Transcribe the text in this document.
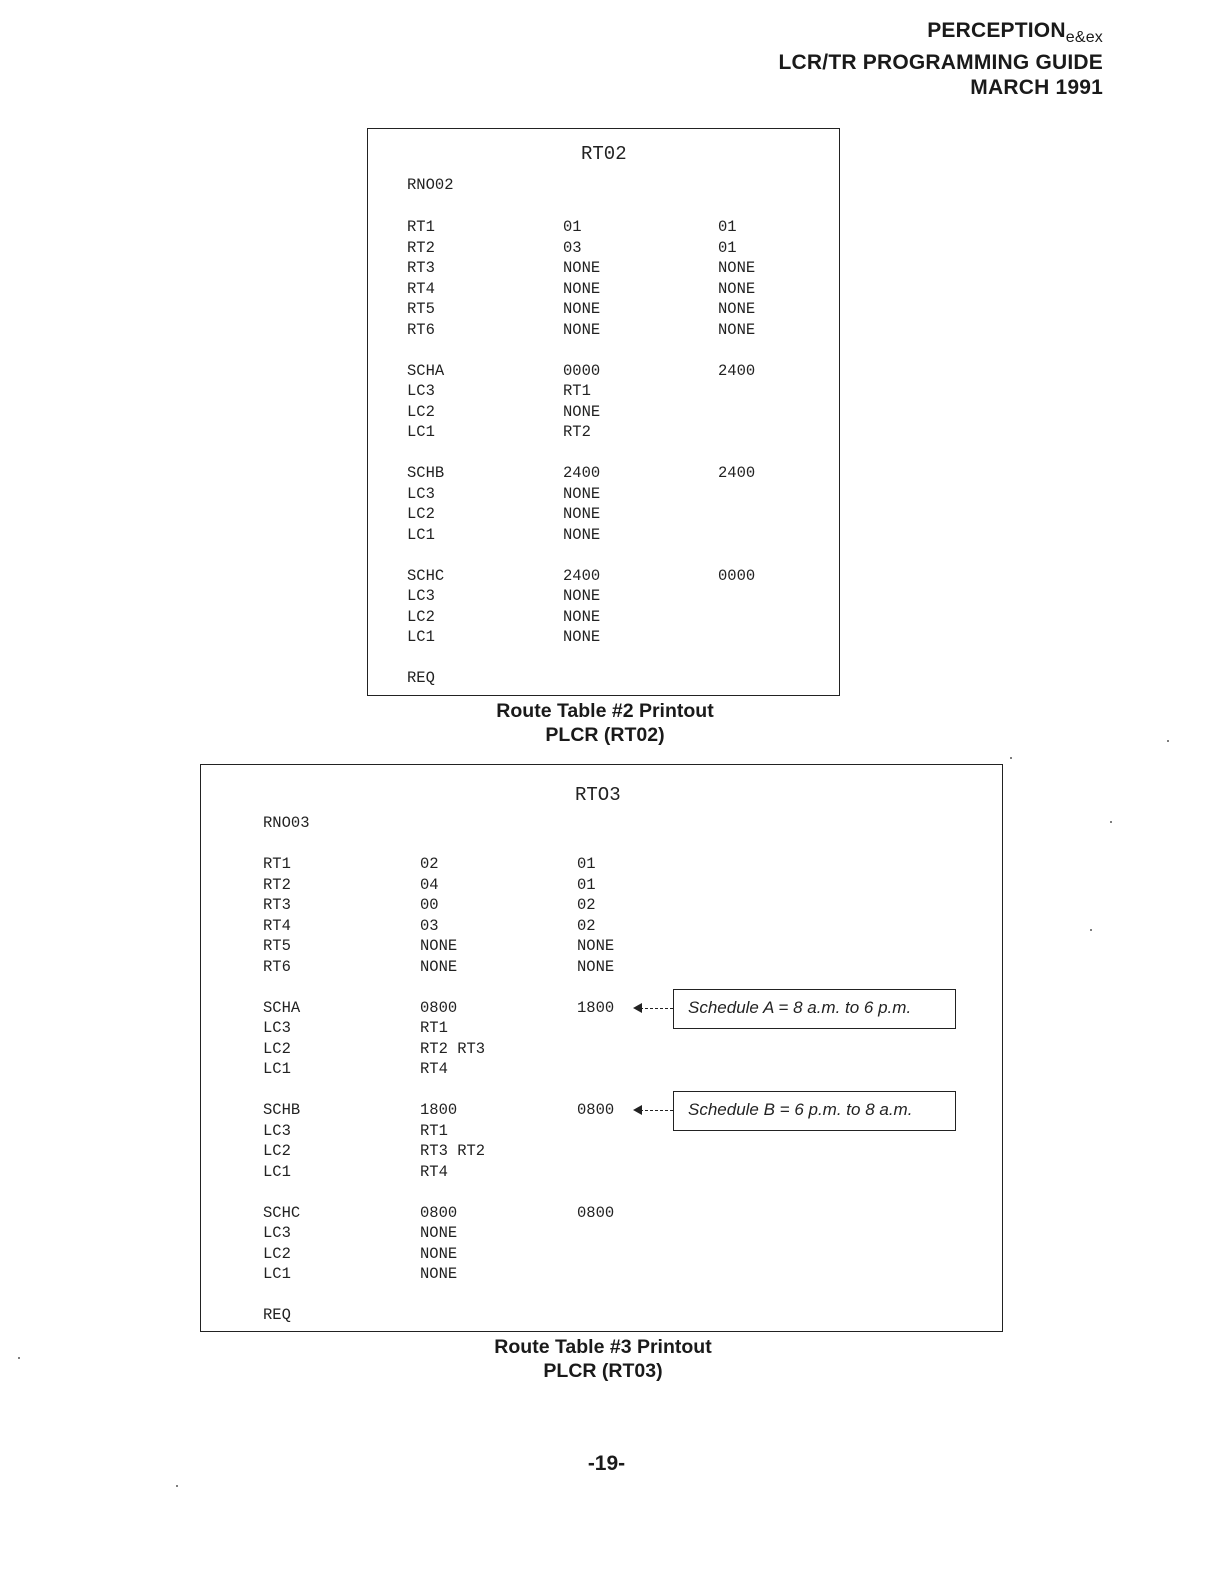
$PERCEPTION_{e\&ex}$
LCR/TR PROGRAMMING GUIDE
MARCH 1991
RT02
RNO02
RT1	01	01
RT2	03	01
RT3	NONE	NONE
RT4	NONE	NONE
RT5	NONE	NONE
RT6	NONE	NONE
SCHA	0000	2400
LC3	RT1
LC2	NONE
LC1	RT2
SCHB	2400	2400
LC3	NONE
LC2	NONE
LC1	NONE
SCHC	2400	0000
LC3	NONE
LC2	NONE
LC1	NONE
REQ
Route Table #2 Printout
PLCR (RT02)
RTO3
RNO03
RT1	02	01
RT2	04	01
RT3	00	02
RT4	03	02
RT5	NONE	NONE
RT6	NONE	NONE
SCHA	0800	1800
LC3	RT1
LC2	RT2 RT3
LC1	RT4
SCHB	1800	0800
LC3	RT1
LC2	RT3 RT2
LC1	RT4
SCHC	0800	0800
LC3	NONE
LC2	NONE
LC1	NONE
REQ
Schedule A = 8 a.m. to 6 p.m.
Schedule B = 6 p.m. to 8 a.m.
Route Table #3 Printout
PLCR (RT03)
-19-
